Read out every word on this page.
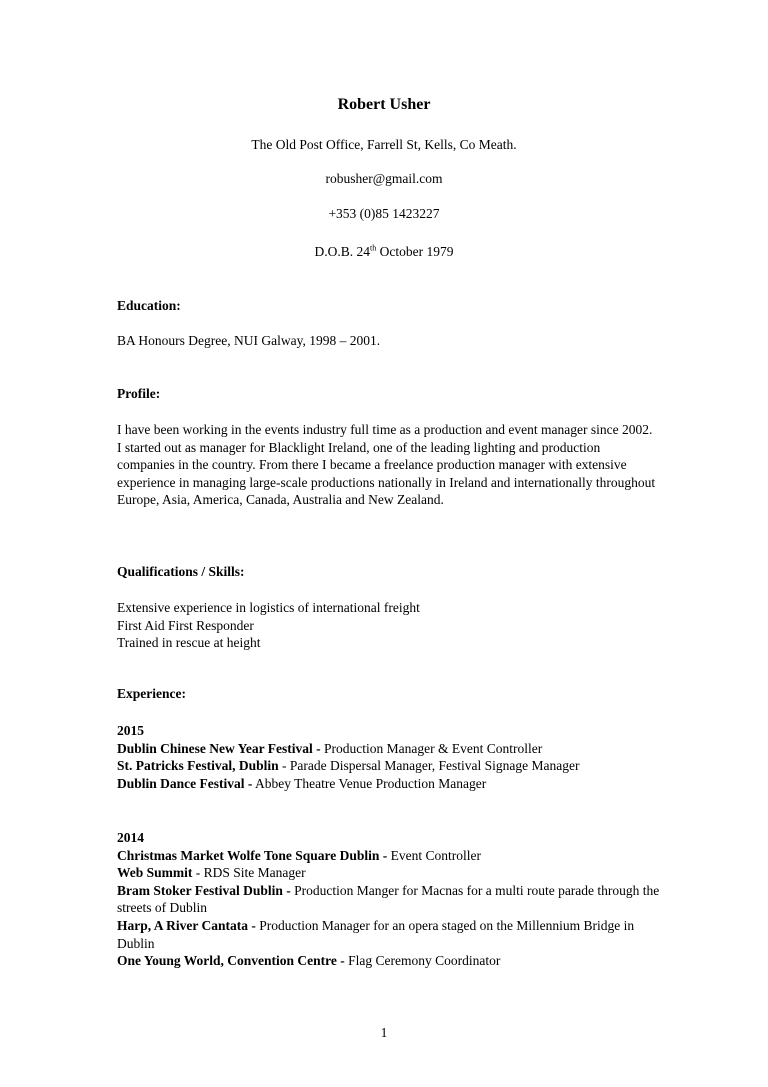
Robert Usher
The Old Post Office, Farrell St, Kells, Co Meath.
robusher@gmail.com
+353 (0)85 1423227
D.O.B. 24th October 1979
Education:
BA Honours Degree, NUI Galway, 1998 – 2001.
Profile:

I have been working in the events industry full time as a production and event manager since 2002. I started out as manager for Blacklight Ireland, one of the leading lighting and production companies in the country. From there I became a freelance production manager with extensive experience in managing large-scale productions nationally in Ireland and internationally throughout Europe, Asia, America, Canada, Australia and New Zealand.

Qualifications / Skills:
Extensive experience in logistics of international freight
First Aid First Responder
Trained in rescue at height
Experience:
2015
Dublin Chinese New Year Festival - Production Manager & Event Controller
St. Patricks Festival, Dublin - Parade Dispersal Manager, Festival Signage Manager
Dublin Dance Festival - Abbey Theatre Venue Production Manager
2014
Christmas Market Wolfe Tone Square Dublin - Event Controller
Web Summit - RDS Site Manager
Bram Stoker Festival Dublin - Production Manger for Macnas for a multi route parade through the streets of Dublin
Harp, A River Cantata - Production Manager for an opera staged on the Millennium Bridge in Dublin
One Young World, Convention Centre - Flag Ceremony Coordinator
1
